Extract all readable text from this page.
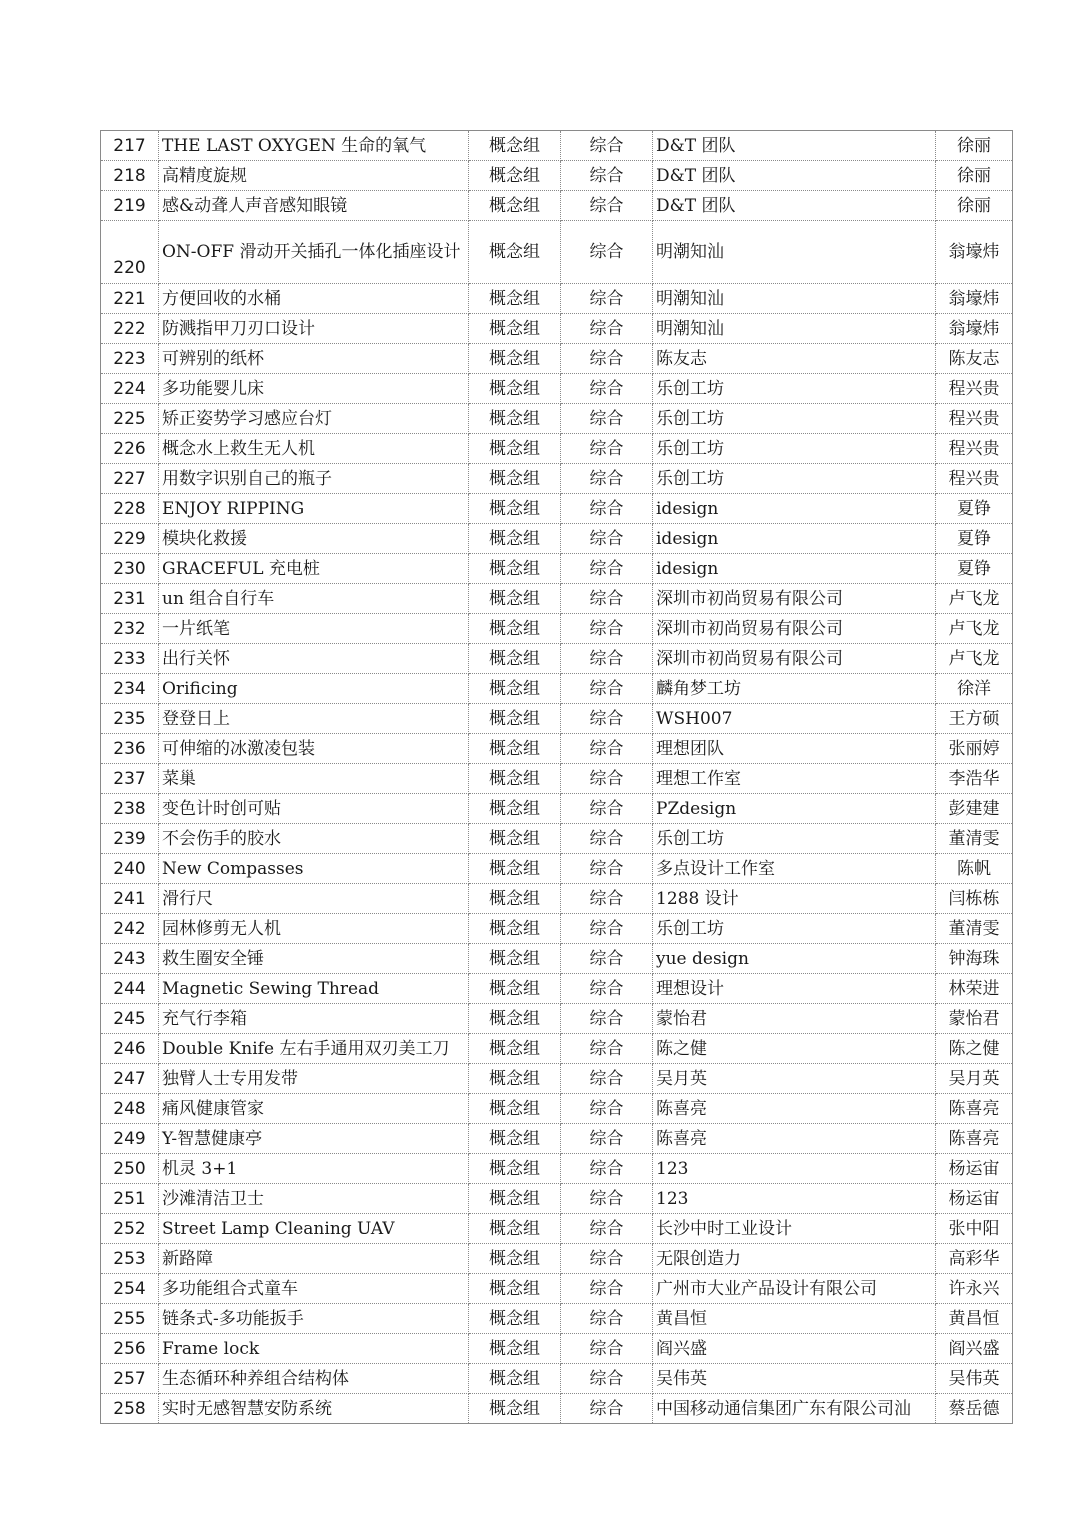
217	THE LAST OXYGEN 生命的氧气	概念组	综合	D&T 团队	徐丽
218	高精度旋规	概念组	综合	D&T 团队	徐丽
219	感&动聋人声音感知眼镜	概念组	综合	D&T 团队	徐丽
220	ON-OFF 滑动开关插孔一体化插座设计	概念组	综合	明潮知汕	翁壕炜
221	方便回收的水桶	概念组	综合	明潮知汕	翁壕炜
222	防溅指甲刀刃口设计	概念组	综合	明潮知汕	翁壕炜
223	可辨别的纸杯	概念组	综合	陈友志	陈友志
224	多功能婴儿床	概念组	综合	乐创工坊	程兴贵
225	矫正姿势学习感应台灯	概念组	综合	乐创工坊	程兴贵
226	概念水上救生无人机	概念组	综合	乐创工坊	程兴贵
227	用数字识别自己的瓶子	概念组	综合	乐创工坊	程兴贵
228	ENJOY RIPPING	概念组	综合	idesign	夏铮
229	模块化救援	概念组	综合	idesign	夏铮
230	GRACEFUL 充电桩	概念组	综合	idesign	夏铮
231	un 组合自行车	概念组	综合	深圳市初尚贸易有限公司	卢飞龙
232	一片纸笔	概念组	综合	深圳市初尚贸易有限公司	卢飞龙
233	出行关怀	概念组	综合	深圳市初尚贸易有限公司	卢飞龙
234	Orificing	概念组	综合	麟角梦工坊	徐洋
235	登登日上	概念组	综合	WSH007	王方硕
236	可伸缩的冰激凌包装	概念组	综合	理想团队	张丽婷
237	菜巢	概念组	综合	理想工作室	李浩华
238	变色计时创可贴	概念组	综合	PZdesign	彭建建
239	不会伤手的胶水	概念组	综合	乐创工坊	董清雯
240	New Compasses	概念组	综合	多点设计工作室	陈帆
241	滑行尺	概念组	综合	1288 设计	闫栋栋
242	园林修剪无人机	概念组	综合	乐创工坊	董清雯
243	救生圈安全锤	概念组	综合	yue design	钟海珠
244	Magnetic Sewing Thread	概念组	综合	理想设计	林荣进
245	充气行李箱	概念组	综合	蒙怡君	蒙怡君
246	Double Knife 左右手通用双刃美工刀	概念组	综合	陈之健	陈之健
247	独臂人士专用发带	概念组	综合	吴月英	吴月英
248	痛风健康管家	概念组	综合	陈喜亮	陈喜亮
249	Y-智慧健康亭	概念组	综合	陈喜亮	陈喜亮
250	机灵 3+1	概念组	综合	123	杨运宙
251	沙滩清洁卫士	概念组	综合	123	杨运宙
252	Street Lamp Cleaning UAV	概念组	综合	长沙中时工业设计	张中阳
253	新路障	概念组	综合	无限创造力	高彩华
254	多功能组合式童车	概念组	综合	广州市大业产品设计有限公司	许永兴
255	链条式-多功能扳手	概念组	综合	黄昌恒	黄昌恒
256	Frame lock	概念组	综合	阎兴盛	阎兴盛
257	生态循环种养组合结构体	概念组	综合	吴伟英	吴伟英
258	实时无感智慧安防系统	概念组	综合	中国移动通信集团广东有限公司汕	蔡岳德
